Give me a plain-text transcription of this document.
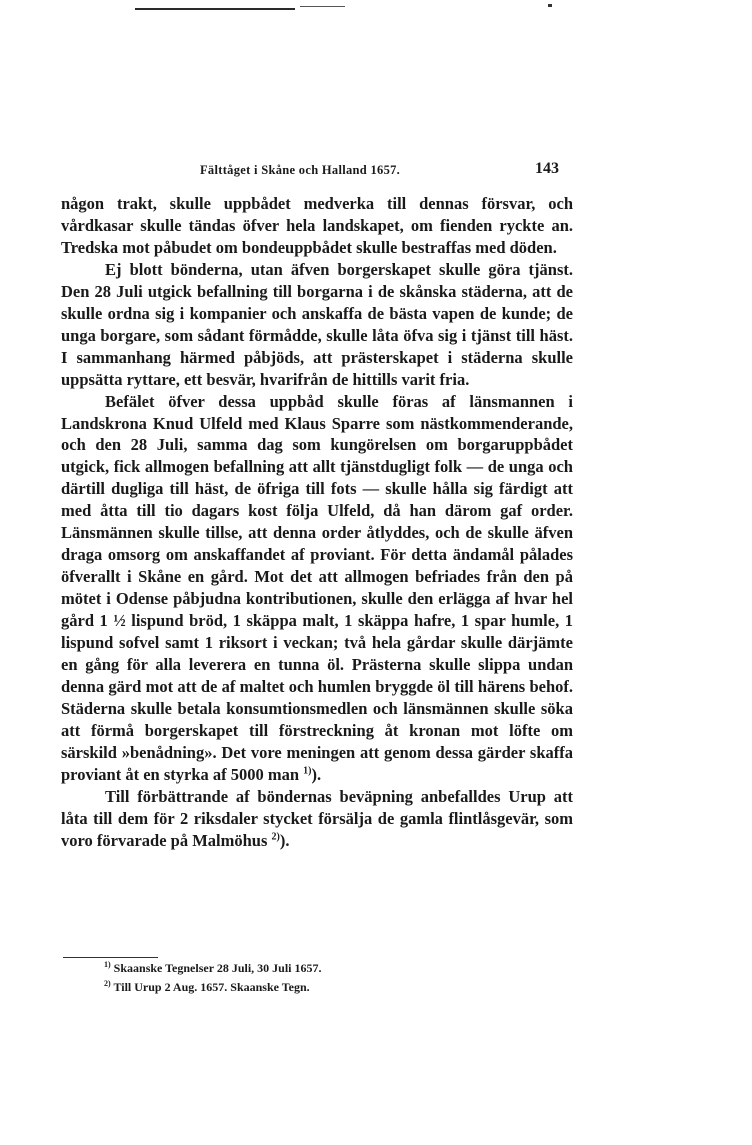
Fälttåget i Skåne och Halland 1657.	143

någon trakt, skulle uppbådet medverka till dennas försvar, och vårdkasar skulle tändas öfver hela landskapet, om fienden ryckte an. Tredska mot påbudet om bondeuppbådet skulle bestraffas med döden.

Ej blott bönderna, utan äfven borgerskapet skulle göra tjänst. Den 28 Juli utgick befallning till borgarna i de skånska städerna, att de skulle ordna sig i kompanier och anskaffa de bästa vapen de kunde; de unga borgare, som sådant förmådde, skulle låta öfva sig i tjänst till häst. I sammanhang härmed påbjöds, att prästerskapet i städerna skulle uppsätta ryttare, ett besvär, hvarifrån de hittills varit fria.

Befälet öfver dessa uppbåd skulle föras af länsmannen i Landskrona Knud Ulfeld med Klaus Sparre som nästkommenderande, och den 28 Juli, samma dag som kungörelsen om borgaruppbådet utgick, fick allmogen befallning att allt tjänstdugligt folk — de unga och därtill dugliga till häst, de öfriga till fots — skulle hålla sig färdigt att med åtta till tio dagars kost följa Ulfeld, då han därom gaf order. Länsmännen skulle tillse, att denna order åtlyddes, och de skulle äfven draga omsorg om anskaffandet af proviant. För detta ändamål pålades öfverallt i Skåne en gård. Mot det att allmogen befriades från den på mötet i Odense påbjudna kontributionen, skulle den erlägga af hvar hel gård 1 ½ lispund bröd, 1 skäppa malt, 1 skäppa hafre, 1 spar humle, 1 lispund sofvel samt 1 riksort i veckan; två hela gårdar skulle därjämte en gång för alla leverera en tunna öl. Prästerna skulle slippa undan denna gärd mot att de af maltet och humlen bryggde öl till härens behof. Städerna skulle betala konsumtionsmedlen och länsmännen skulle söka att förmå borgerskapet till förstreckning åt kronan mot löfte om särskild »benådning». Det vore meningen att genom dessa gärder skaffa proviant åt en styrka af 5000 man $^{1)}$).

Till förbättrande af böndernas beväpning anbefalldes Urup att låta till dem för 2 riksdaler stycket försälja de gamla flintlåsgevär, som voro förvarade på Malmöhus $^{2)}$).

$^{1)}$ Skaanske Tegnelser 28 Juli, 30 Juli 1657.
$^{2)}$ Till Urup 2 Aug. 1657. Skaanske Tegn.
